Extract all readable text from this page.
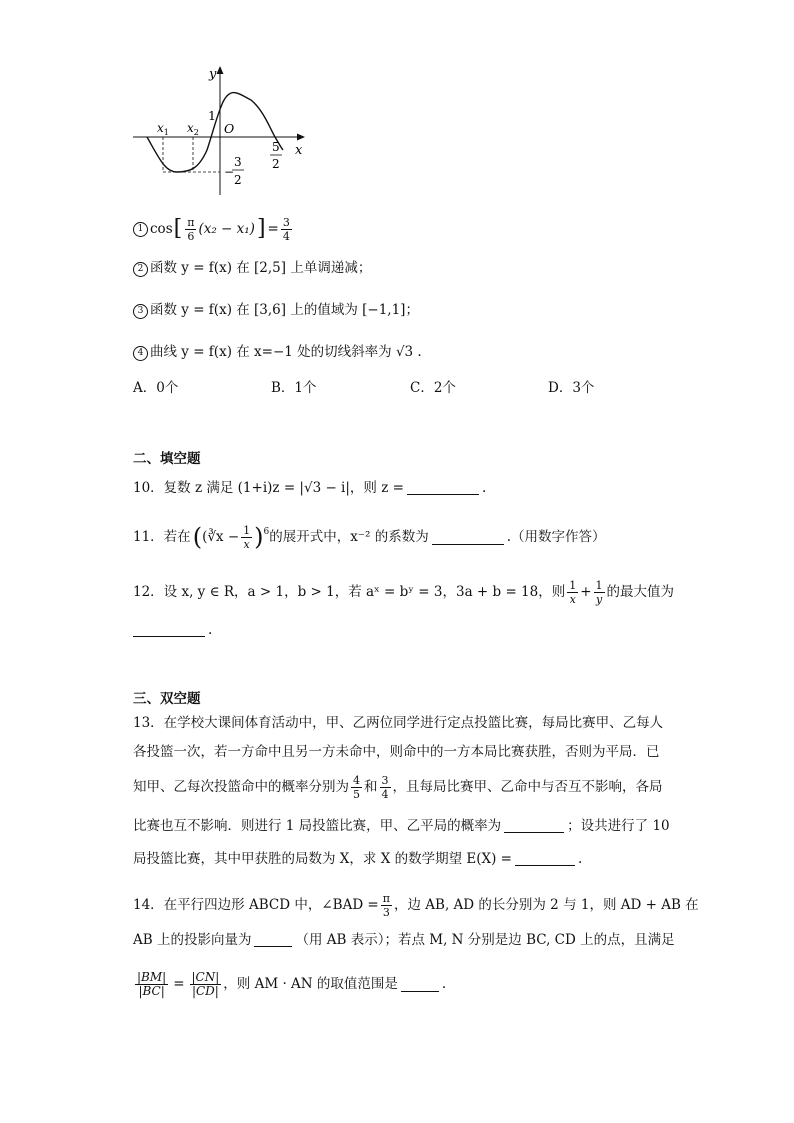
y
x
O
1
$x_1$ $x_2$
−
3
2
5
2
1 cos [ $\frac{\pi}{6} (x_2 - x_1)$ ] = $\frac{3}{4}$
2 函数 y = f(x) 在 [2,5] 上单调递减；
3 函数 y = f(x) 在 [3,6] 上的值域为 [−1,1]；
4 曲线 y = f(x) 在 x=−1 处的切线斜率为 √3 .
A．0个	B．1个	C．2个	D．3个
二、填空题
10．复数 z 满足 (1+i)z = |√3 − i|，则 z =	.
11．若在 ( (∛x − $\frac{1}{x}$ ) 6 的展开式中，x⁻² 的系数为	.（用数字作答）
12．设 x, y ∈ R，a > 1，b > 1，若 aˣ = bʸ = 3，3a + b = 18，则 $\frac{1}{x} + \frac{1}{y}$ 的最大值为
.
三、双空题
13．在学校大课间体育活动中，甲、乙两位同学进行定点投篮比赛，每局比赛甲、乙每人
各投篮一次，若一方命中且另一方未命中，则命中的一方本局比赛获胜，否则为平局．已
知甲、乙每次投篮命中的概率分别为 $\frac{4}{5}$ 和 $\frac{3}{4}$ ，且每局比赛甲、乙命中与否互不影响，各局
比赛也互不影响．则进行 1 局投篮比赛，甲、乙平局的概率为	；设共进行了 10
局投篮比赛，其中甲获胜的局数为 X，求 X 的数学期望 E(X) =	.
14．在平行四边形 ABCD 中，∠BAD = $\frac{\pi}{3}$ ，边 AB, AD 的长分别为 2 与 1，则 AD + AB 在
AB 上的投影向量为	（用 AB 表示）；若点 M, N 分别是边 BC, CD 上的点，且满足
$\frac{|BM|}{|BC|} = \frac{|CN|}{|CD|}$ ，则 AM · AN 的取值范围是	.
